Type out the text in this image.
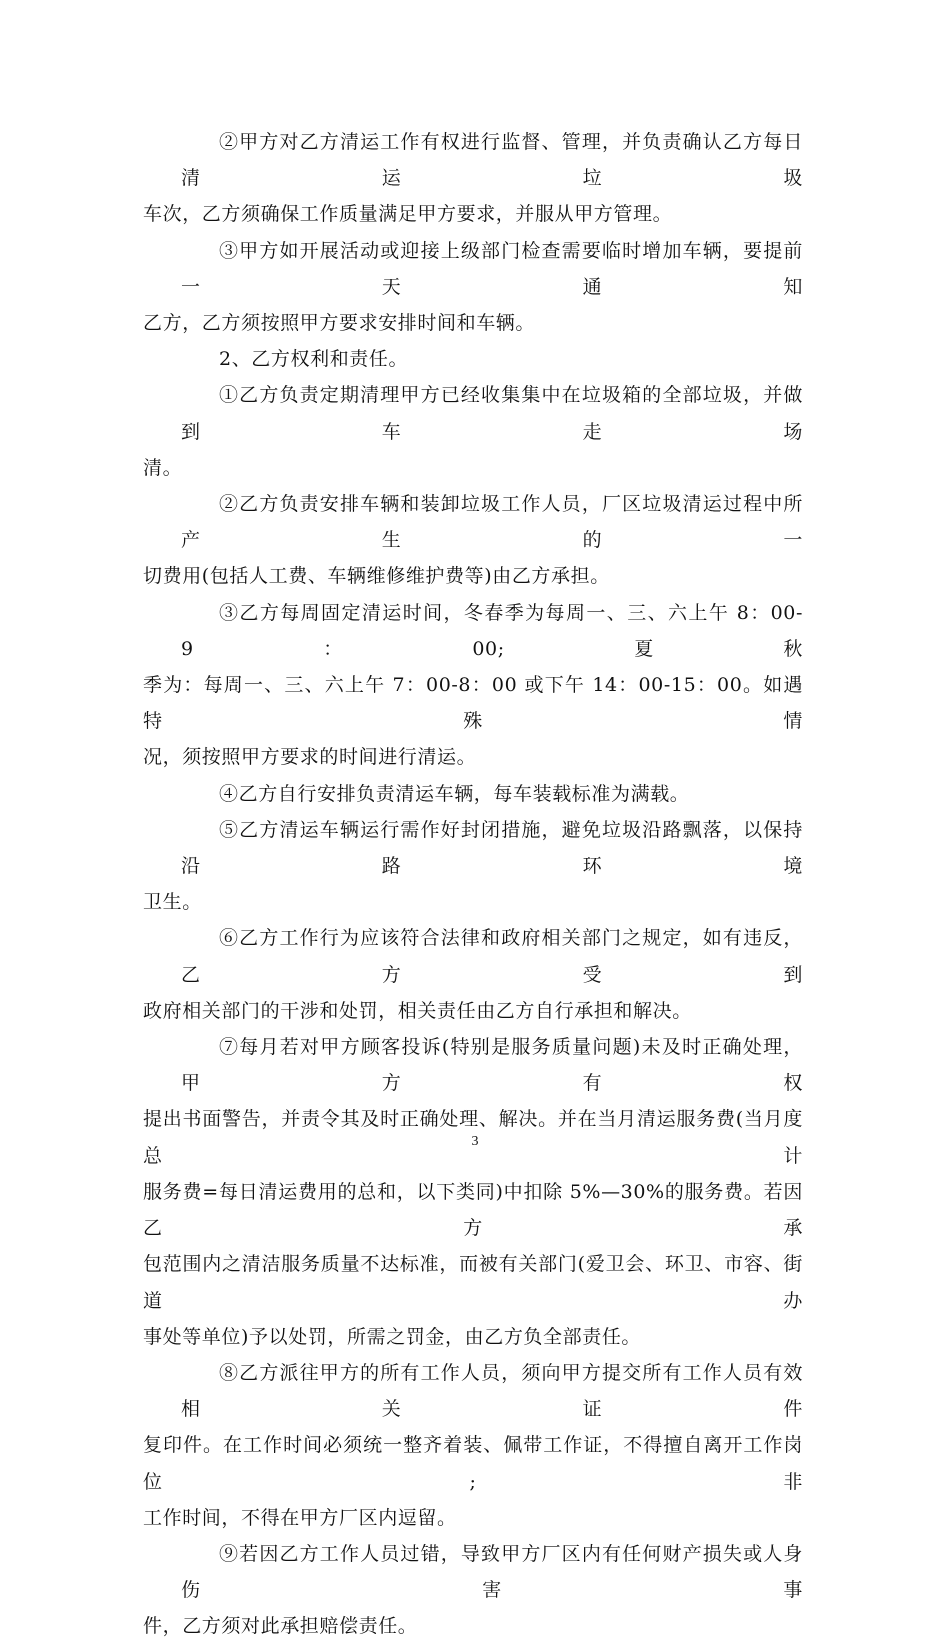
②甲方对乙方清运工作有权进行监督、管理，并负责确认乙方每日清运垃圾
车次，乙方须确保工作质量满足甲方要求，并服从甲方管理。

③甲方如开展活动或迎接上级部门检查需要临时增加车辆，要提前一天通知
乙方，乙方须按照甲方要求安排时间和车辆。

2、乙方权利和责任。

①乙方负责定期清理甲方已经收集集中在垃圾箱的全部垃圾，并做到车走场
清。

②乙方负责安排车辆和装卸垃圾工作人员，厂区垃圾清运过程中所产生的一
切费用(包括人工费、车辆维修维护费等)由乙方承担。

③乙方每周固定清运时间，冬春季为每周一、三、六上午 8：00-9：00;夏秋
季为：每周一、三、六上午 7：00-8：00 或下午 14：00-15：00。如遇特殊情
况，须按照甲方要求的时间进行清运。

④乙方自行安排负责清运车辆，每车装载标准为满载。

⑤乙方清运车辆运行需作好封闭措施，避免垃圾沿路飘落，以保持沿路环境
卫生。

⑥乙方工作行为应该符合法律和政府相关部门之规定，如有违反，乙方受到
政府相关部门的干涉和处罚，相关责任由乙方自行承担和解决。

⑦每月若对甲方顾客投诉(特别是服务质量问题)未及时正确处理，甲方有权
提出书面警告，并责令其及时正确处理、解决。并在当月清运服务费(当月度总计
服务费=每日清运费用的总和，以下类同)中扣除 5%—30%的服务费。若因乙方承
包范围内之清洁服务质量不达标准，而被有关部门(爱卫会、环卫、市容、街道办
事处等单位)予以处罚，所需之罚金，由乙方负全部责任。

⑧乙方派往甲方的所有工作人员，须向甲方提交所有工作人员有效相关证件
复印件。在工作时间必须统一整齐着装、佩带工作证，不得擅自离开工作岗位;非
工作时间，不得在甲方厂区内逗留。

⑨若因乙方工作人员过错，导致甲方厂区内有任何财产损失或人身伤害事
件，乙方须对此承担赔偿责任。

3
